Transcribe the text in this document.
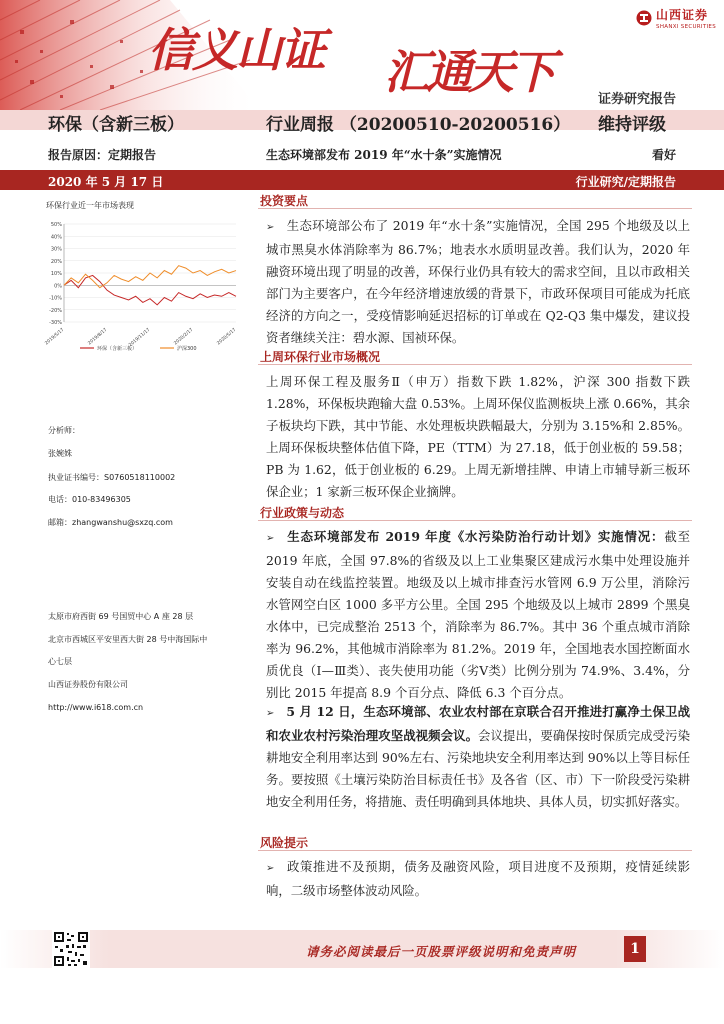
信义山证 汇通天下
山西证券
SHANXI SECURITIES
证券研究报告
环保（含新三板）	行业周报 （20200510-20200516） 维持评级
报告原因：定期报告	生态环境部发布 2019 年“水十条”实施情况	看好
2020 年 5 月 17 日	行业研究/定期报告
环保行业近一年市场表现
50%
40%
30%
20%
10%
0%
-10%
-20%
-30%
2019/5/17	2019/8/17	2019/11/17	2020/2/17	2020/5/17
环保（含新三板）	沪深300
分析师：
张婉姝
执业证书编号：S0760518110002
电话：010-83496305
邮箱：zhangwanshu@sxzq.com
太原市府西街 69 号国贸中心 A 座 28 层
北京市西城区平安里西大街 28 号中海国际中
心七层
山西证券股份有限公司
http://www.i618.com.cn
投资要点
➢ 生态环境部公布了 2019 年“水十条”实施情况，全国 295 个地级及以上城市黑臭水体消除率为 86.7%；地表水水质明显改善。我们认为，2020 年融资环境出现了明显的改善，环保行业仍具有较大的需求空间，且以市政相关部门为主要客户，在今年经济增速放缓的背景下，市政环保项目可能成为托底经济的方向之一，受疫情影响延迟招标的订单或在 Q2-Q3 集中爆发，建议投资者继续关注：碧水源、国祯环保。
上周环保行业市场概况
上周环保工程及服务Ⅱ（申万）指数下跌 1.82%，沪深 300 指数下跌 1.28%，环保板块跑输大盘 0.53%。上周环保仪监测板块上涨 0.66%，其余子板块均下跌，其中节能、水处理板块跌幅最大，分别为 3.15%和 2.85%。上周环保板块整体估值下降，PE（TTM）为 27.18，低于创业板的 59.58；PB 为 1.62，低于创业板的 6.29。上周无新增挂牌、申请上市辅导新三板环保企业；1 家新三板环保企业摘牌。
行业政策与动态
➢ 生态环境部发布 2019 年度《水污染防治行动计划》实施情况：截至 2019 年底，全国 97.8%的省级及以上工业集聚区建成污水集中处理设施并安装自动在线监控装置。地级及以上城市排查污水管网 6.9 万公里，消除污水管网空白区 1000 多平方公里。全国 295 个地级及以上城市 2899 个黑臭水体中，已完成整治 2513 个，消除率为 86.7%。其中 36 个重点城市消除率为 96.2%，其他城市消除率为 81.2%。2019 年，全国地表水国控断面水质优良（Ⅰ—Ⅲ类）、丧失使用功能（劣Ⅴ类）比例分别为 74.9%、3.4%，分别比 2015 年提高 8.9 个百分点、降低 6.3 个百分点。
➢ 5 月 12 日，生态环境部、农业农村部在京联合召开推进打赢净土保卫战和农业农村污染治理攻坚战视频会议。会议提出，要确保按时保质完成受污染耕地安全利用率达到 90%左右、污染地块安全利用率达到 90%以上等目标任务。要按照《土壤污染防治目标责任书》及各省（区、市）下一阶段受污染耕地安全利用任务，将措施、责任明确到具体地块、具体人员，切实抓好落实。
风险提示
➢ 政策推进不及预期，债务及融资风险，项目进度不及预期，疫情延续影响，二级市场整体波动风险。
请务必阅读最后一页股票评级说明和免责声明	1
